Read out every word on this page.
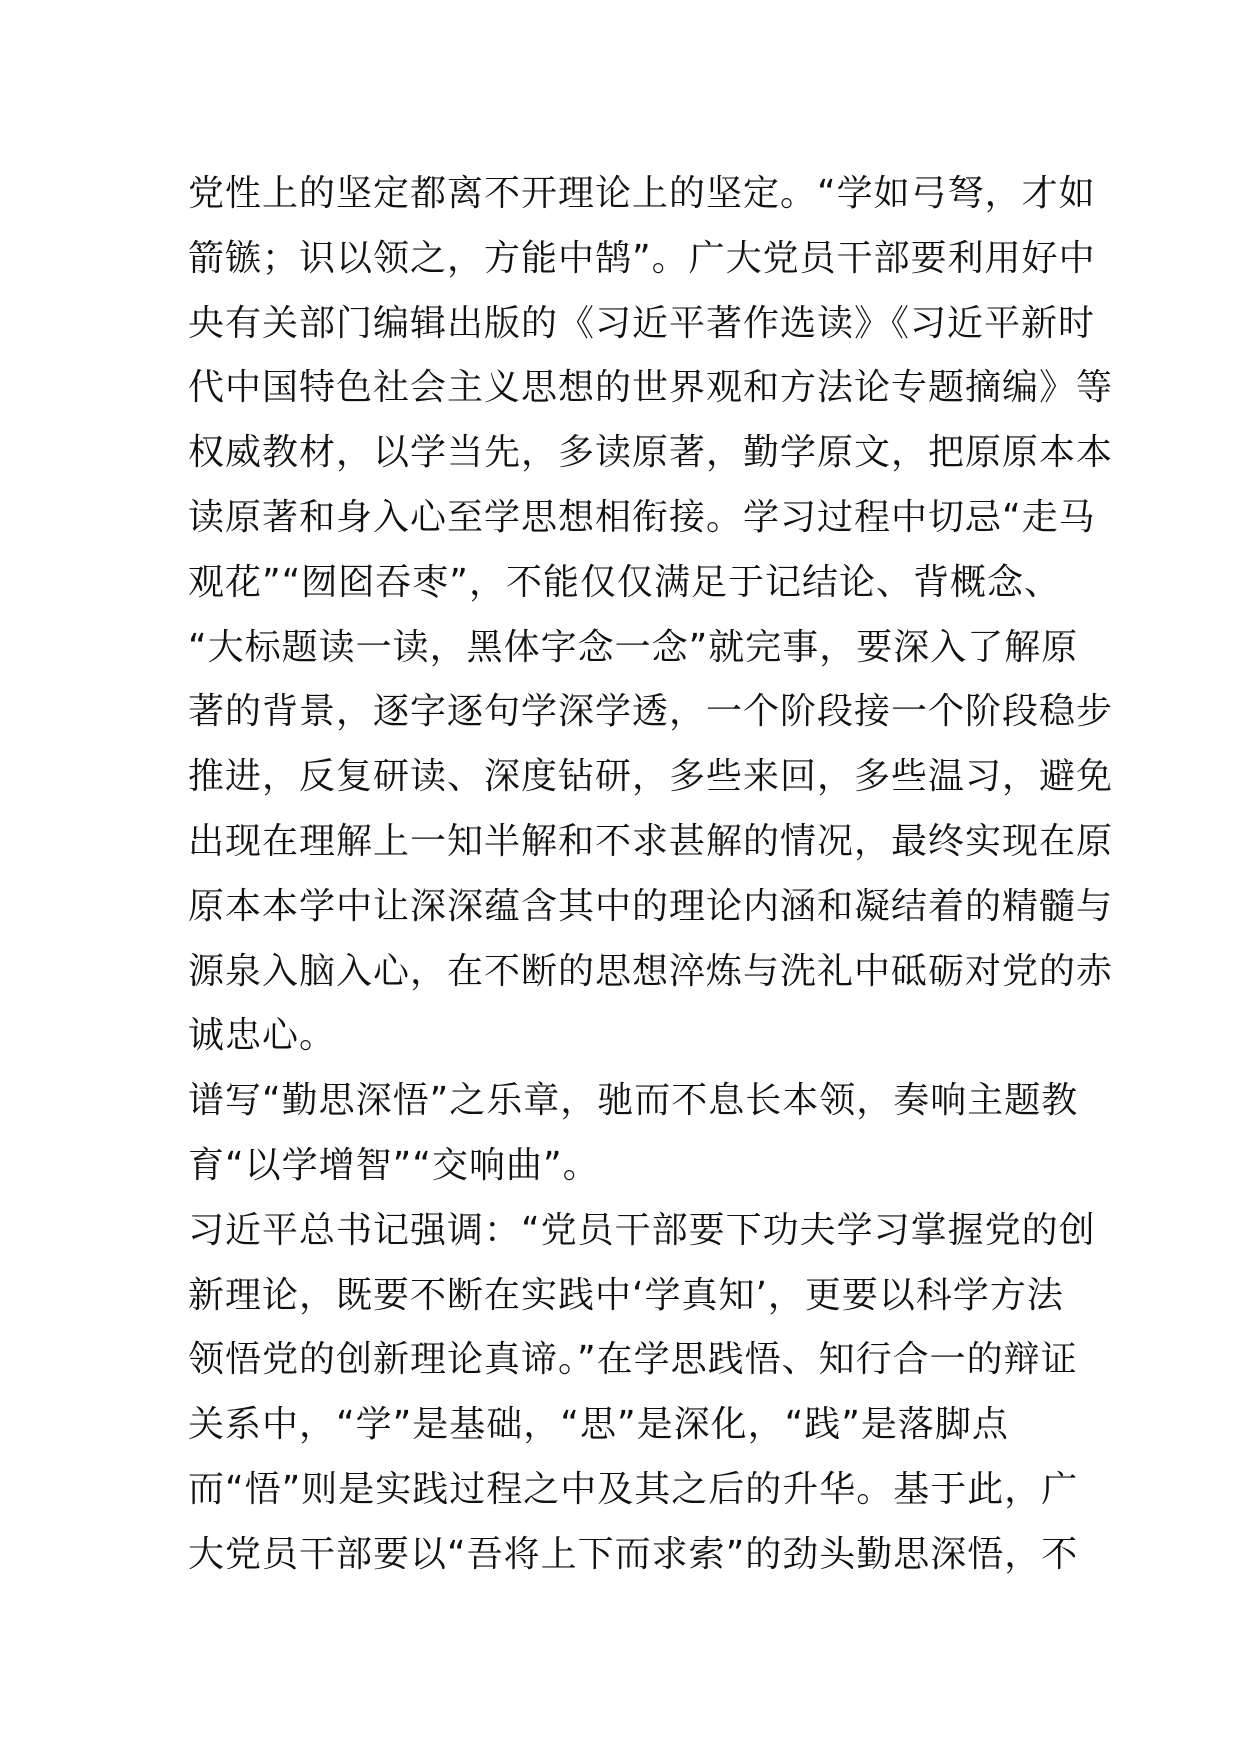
党性上的坚定都离不开理论上的坚定。“学如弓弩，才如
箭镞；识以领之，方能中鹄”。广大党员干部要利用好中
央有关部门编辑出版的《习近平著作选读》《习近平新时
代中国特色社会主义思想的世界观和方法论专题摘编》等
权威教材，以学当先，多读原著，勤学原文，把原原本本
读原著和身入心至学思想相衔接。学习过程中切忌“走马
观花”“囫囵吞枣”，不能仅仅满足于记结论、背概念、
“大标题读一读，黑体字念一念”就完事，要深入了解原
著的背景，逐字逐句学深学透，一个阶段接一个阶段稳步
推进，反复研读、深度钻研，多些来回，多些温习，避免
出现在理解上一知半解和不求甚解的情况，最终实现在原
原本本学中让深深蕴含其中的理论内涵和凝结着的精髓与
源泉入脑入心，在不断的思想淬炼与洗礼中砥砺对党的赤
诚忠心。
谱写“勤思深悟”之乐章，驰而不息长本领，奏响主题教
育“以学增智”“交响曲”。
习近平总书记强调：“党员干部要下功夫学习掌握党的创
新理论，既要不断在实践中‘学真知’，更要以科学方法
领悟党的创新理论真谛。”在学思践悟、知行合一的辩证
关系中，“学”是基础，“思”是深化，“践”是落脚点
而“悟”则是实践过程之中及其之后的升华。基于此，广
大党员干部要以“吾将上下而求索”的劲头勤思深悟，不
